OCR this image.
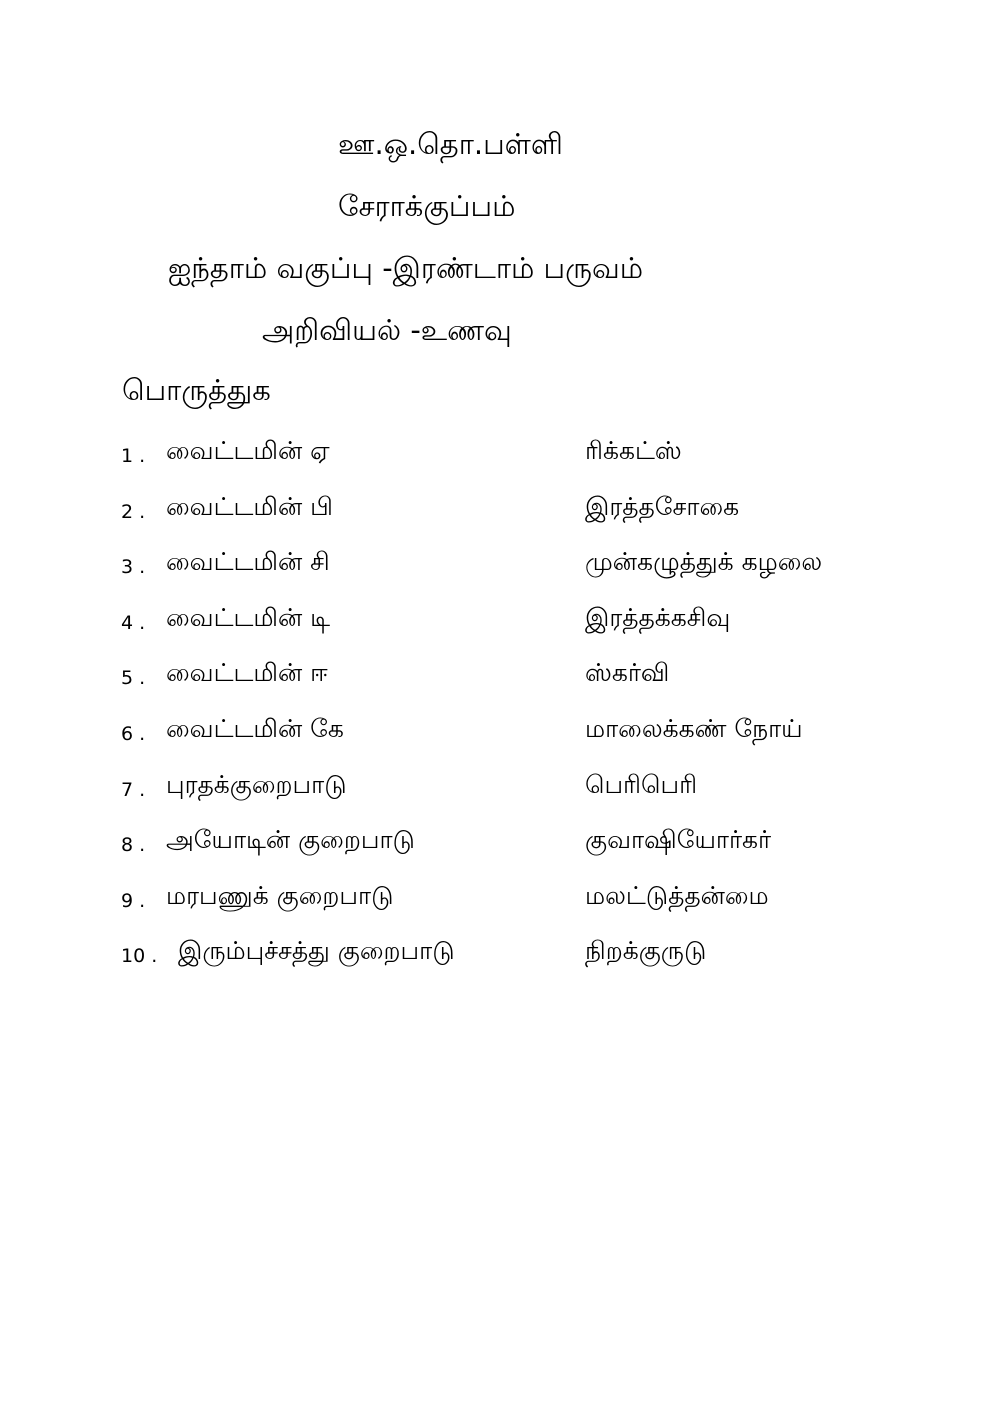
ஊ.ஒ.தொ.பள்ளி
சேராக்குப்பம்
ஐந்தாம் வகுப்பு -இரண்டாம் பருவம்
அறிவியல் -உணவு
பொருத்துக
1 . வைட்டமின் ஏ	ரிக்கட்ஸ்
2 . வைட்டமின் பி	இரத்தசோகை
3 . வைட்டமின் சி	முன்கழுத்துக் கழலை
4 . வைட்டமின் டி	இரத்தக்கசிவு
5 . வைட்டமின் ஈ	ஸ்கர்வி
6 . வைட்டமின் கே	மாலைக்கண் நோய்
7 . புரதக்குறைபாடு	பெரிபெரி
8 . அயோடின் குறைபாடு	குவாஷியோர்கர்
9 . மரபணுக் குறைபாடு	மலட்டுத்தன்மை
10 . இரும்புச்சத்து குறைபாடு	நிறக்குருடு
